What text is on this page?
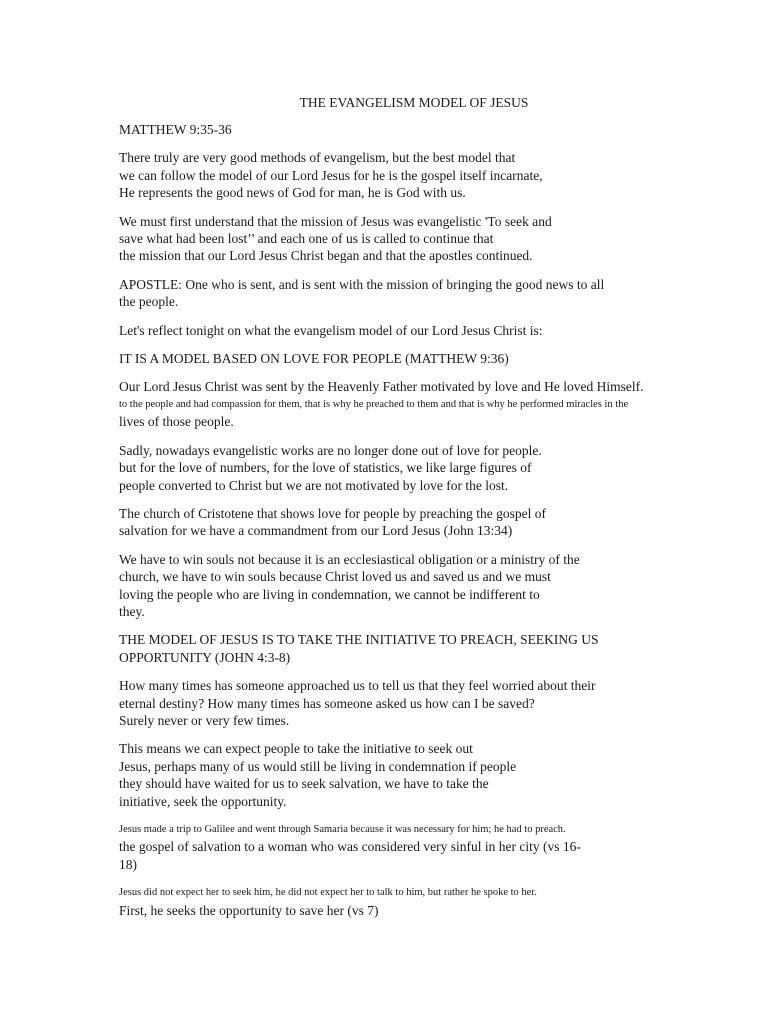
THE EVANGELISM MODEL OF JESUS
MATTHEW 9:35-36
There truly are very good methods of evangelism, but the best model that
we can follow the model of our Lord Jesus for he is the gospel itself incarnate,
He represents the good news of God for man, he is God with us.
We must first understand that the mission of Jesus was evangelistic 'To seek and
save what had been lost’’ and each one of us is called to continue that
the mission that our Lord Jesus Christ began and that the apostles continued.
APOSTLE: One who is sent, and is sent with the mission of bringing the good news to all
the people.
Let's reflect tonight on what the evangelism model of our Lord Jesus Christ is:
IT IS A MODEL BASED ON LOVE FOR PEOPLE (MATTHEW 9:36)
Our Lord Jesus Christ was sent by the Heavenly Father motivated by love and He loved Himself.
to the people and had compassion for them, that is why he preached to them and that is why he performed miracles in the
lives of those people.
Sadly, nowadays evangelistic works are no longer done out of love for people.
but for the love of numbers, for the love of statistics, we like large figures of
people converted to Christ but we are not motivated by love for the lost.
The church of Cristotene that shows love for people by preaching the gospel of
salvation for we have a commandment from our Lord Jesus (John 13:34)
We have to win souls not because it is an ecclesiastical obligation or a ministry of the
church, we have to win souls because Christ loved us and saved us and we must
loving the people who are living in condemnation, we cannot be indifferent to
they.
THE MODEL OF JESUS IS TO TAKE THE INITIATIVE TO PREACH, SEEKING US
OPPORTUNITY (JOHN 4:3-8)
How many times has someone approached us to tell us that they feel worried about their
eternal destiny? How many times has someone asked us how can I be saved?
Surely never or very few times.
This means we can expect people to take the initiative to seek out
Jesus, perhaps many of us would still be living in condemnation if people
they should have waited for us to seek salvation, we have to take the
initiative, seek the opportunity.
Jesus made a trip to Galilee and went through Samaria because it was necessary for him; he had to preach.
the gospel of salvation to a woman who was considered very sinful in her city (vs 16-
18)
Jesus did not expect her to seek him, he did not expect her to talk to him, but rather he spoke to her.
First, he seeks the opportunity to save her (vs 7)
